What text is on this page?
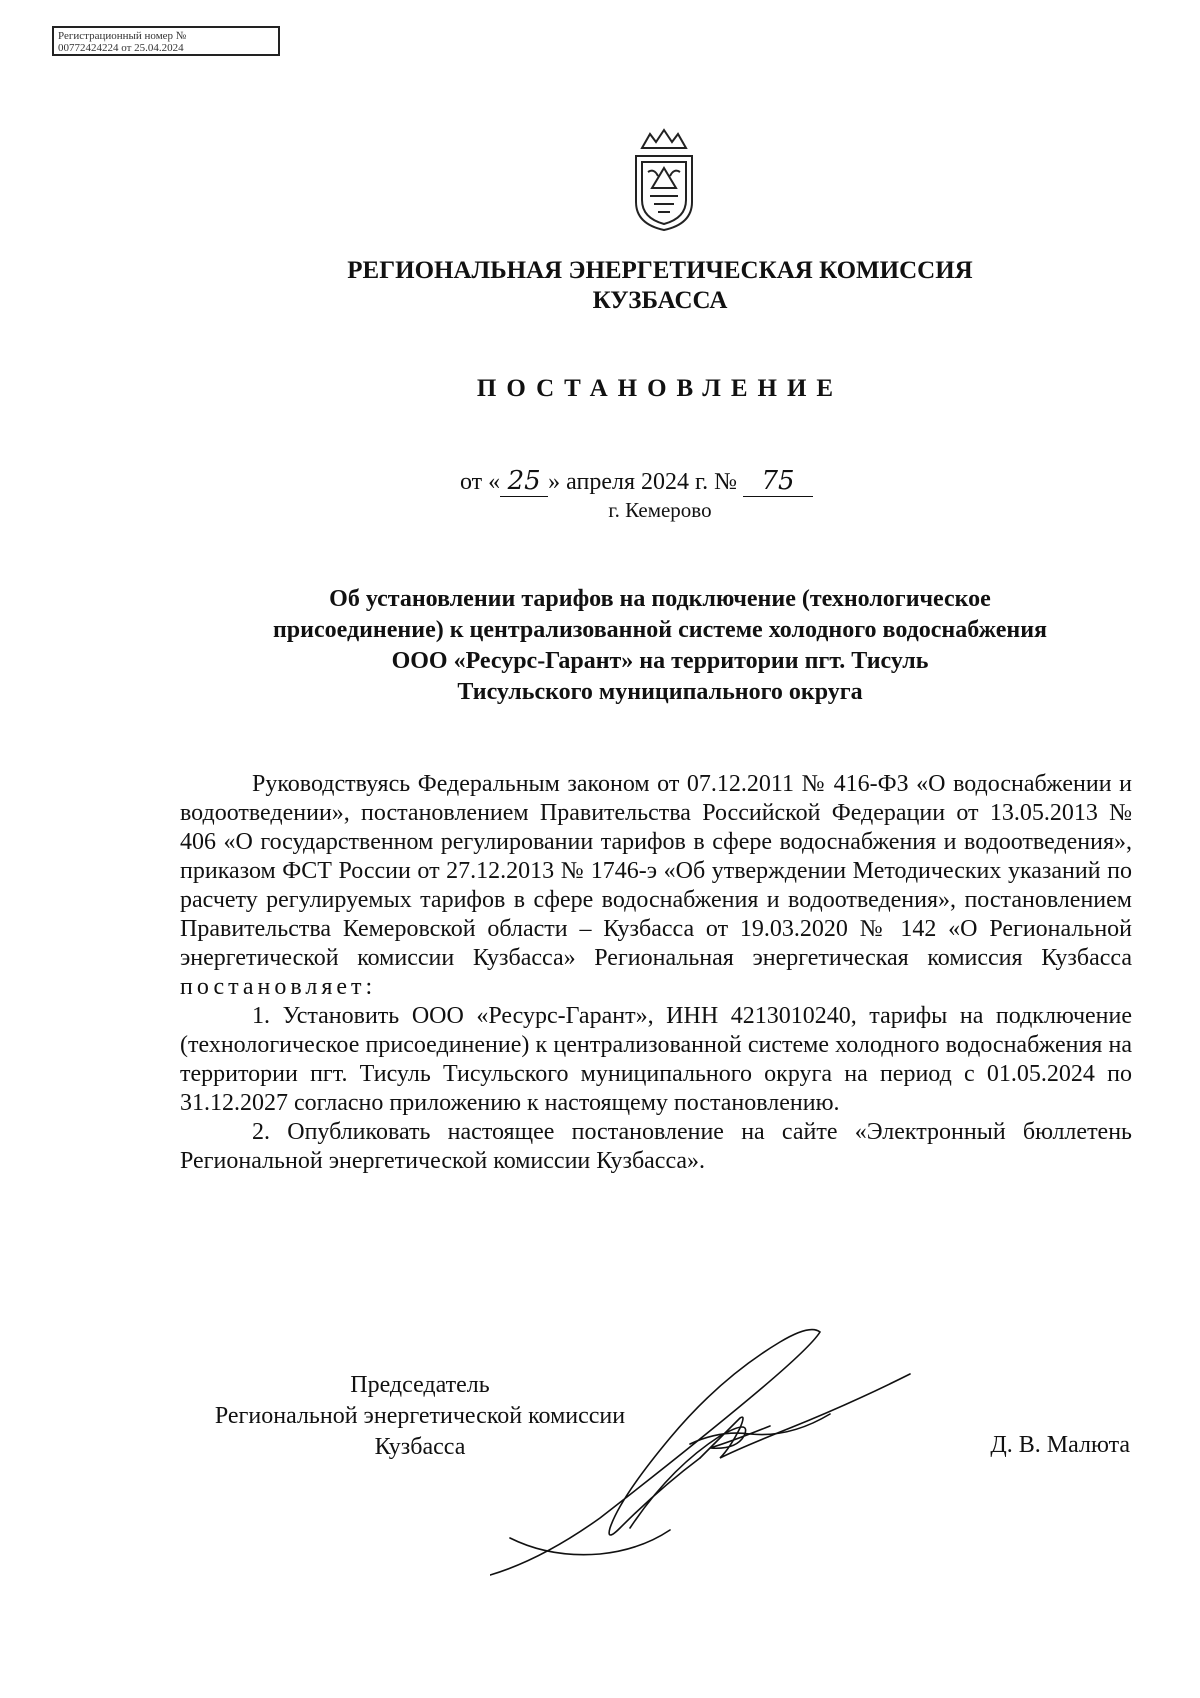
Регистрационный номер №
00772424224 от 25.04.2024
РЕГИОНАЛЬНАЯ ЭНЕРГЕТИЧЕСКАЯ КОМИССИЯ
КУЗБАССА
ПОСТАНОВЛЕНИЕ
от « 25 » апреля 2024 г. № 75
г. Кемерово
Об установлении тарифов на подключение (технологическое
присоединение) к централизованной системе холодного водоснабжения
ООО «Ресурс-Гарант» на территории пгт. Тисуль
Тисульского муниципального округа

Руководствуясь Федеральным законом от 07.12.2011 № 416-ФЗ «О водоснабжении и водоотведении», постановлением Правительства Российской Федерации от 13.05.2013 № 406 «О государственном регулировании тарифов в сфере водоснабжения и водоотведения», приказом ФСТ России от 27.12.2013 № 1746-э «Об утверждении Методических указаний по расчету регулируемых тарифов в сфере водоснабжения и водоотведения», постановлением Правительства Кемеровской области – Кузбасса от 19.03.2020 № 142 «О Региональной энергетической комиссии Кузбасса» Региональная энергетическая комиссия Кузбасса постановляет:

1. Установить ООО «Ресурс-Гарант», ИНН 4213010240, тарифы на подключение (технологическое присоединение) к централизованной системе холодного водоснабжения на территории пгт. Тисуль Тисульского муниципального округа на период с 01.05.2024 по 31.12.2027 согласно приложению к настоящему постановлению.

2. Опубликовать настоящее постановление на сайте «Электронный бюллетень Региональной энергетической комиссии Кузбасса».

Председатель
Региональной энергетической комиссии
Кузбасса	Д. В. Малюта
